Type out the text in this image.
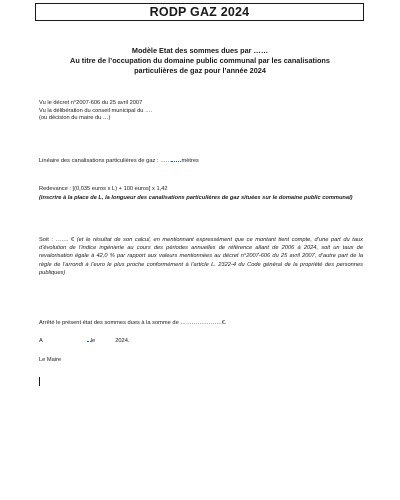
RODP GAZ 2024
Modèle Etat des sommes dues par ……
Au titre de l’occupation du domaine public communal par les canalisations
particulières de gaz pour l’année 2024
Vu le décret n°2007-606 du 25 avril 2007
Vu la délibération du conseil municipal du ….
(ou décision du maire du …)
Linéaire des canalisations particulières de gaz : …… mètres
Redevance : [(0,035 euros x L) + 100 euros] x 1,42
(inscrire à la place de L, la longueur des canalisations particulières de gaz situées sur le domaine public communal)
Soit : ……. € (et le résultat de son calcul, en mentionnant expressément que ce montant tient compte, d’une part du taux d’évolution de l’indice ingénierie au cours des périodes annuelles de référence allant de 2006 à 2024, soit un taux de revalorisation égale à 42,0 % par rapport aux valeurs mentionnées au décret n°2007-606 du 25 avril 2007, d’autre part de la règle de l’arrondi à l’euro le plus proche conformément à l’article L. 2322-4 du Code général de la propriété des personnes publiques)
Arrêté le présent état des sommes dues à la somme de ………………….€.
A	le	2024.
Le Maire
